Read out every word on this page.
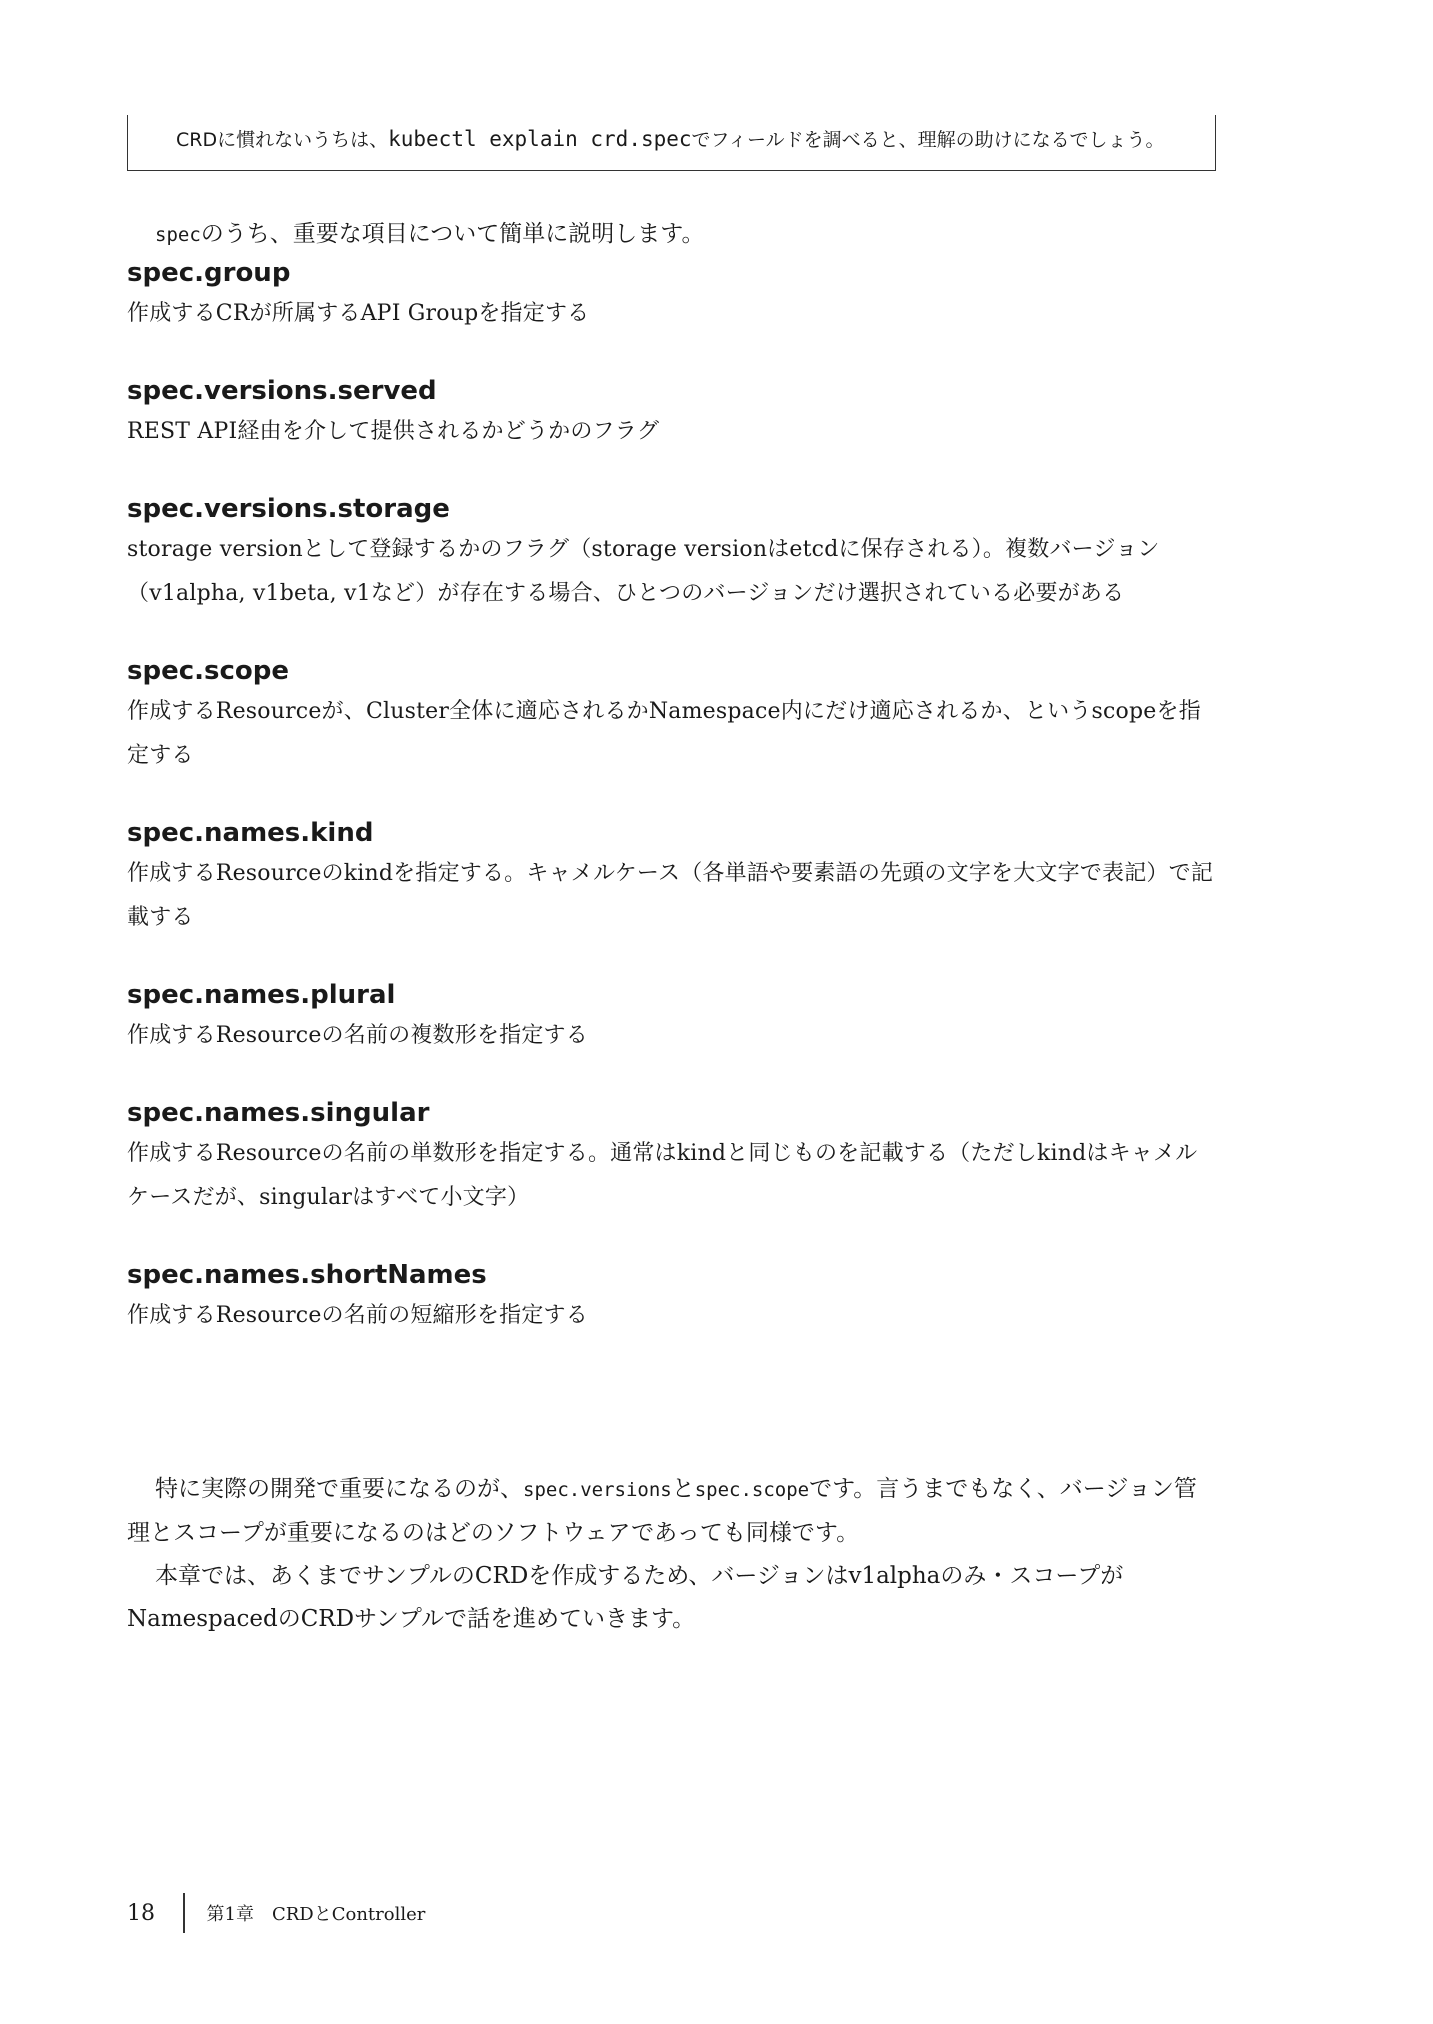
CRDに慣れないうちは、kubectl explain crd.specでフィールドを調べると、理解の助けになるでしょう。
specのうち、重要な項目について簡単に説明します。
spec.group

作成するCRが所属するAPI Groupを指定する

spec.versions.served

REST API経由を介して提供されるかどうかのフラグ

spec.versions.storage

storage versionとして登録するかのフラグ（storage versionはetcdに保存される）。複数バージョン（v1alpha, v1beta, v1など）が存在する場合、ひとつのバージョンだけ選択されている必要がある

spec.scope

作成するResourceが、Cluster全体に適応されるかNamespace内にだけ適応されるか、というscopeを指定する

spec.names.kind

作成するResourceのkindを指定する。キャメルケース（各単語や要素語の先頭の文字を大文字で表記）で記載する

spec.names.plural

作成するResourceの名前の複数形を指定する

spec.names.singular

作成するResourceの名前の単数形を指定する。通常はkindと同じものを記載する（ただしkindはキャメルケースだが、singularはすべて小文字）

spec.names.shortNames

作成するResourceの名前の短縮形を指定する

特に実際の開発で重要になるのが、spec.versionsとspec.scopeです。言うまでもなく、バージョン管理とスコープが重要になるのはどのソフトウェアであっても同様です。

本章では、あくまでサンプルのCRDを作成するため、バージョンはv1alphaのみ・スコープがNamespacedのCRDサンプルで話を進めていきます。

18	第1章　CRDとController
